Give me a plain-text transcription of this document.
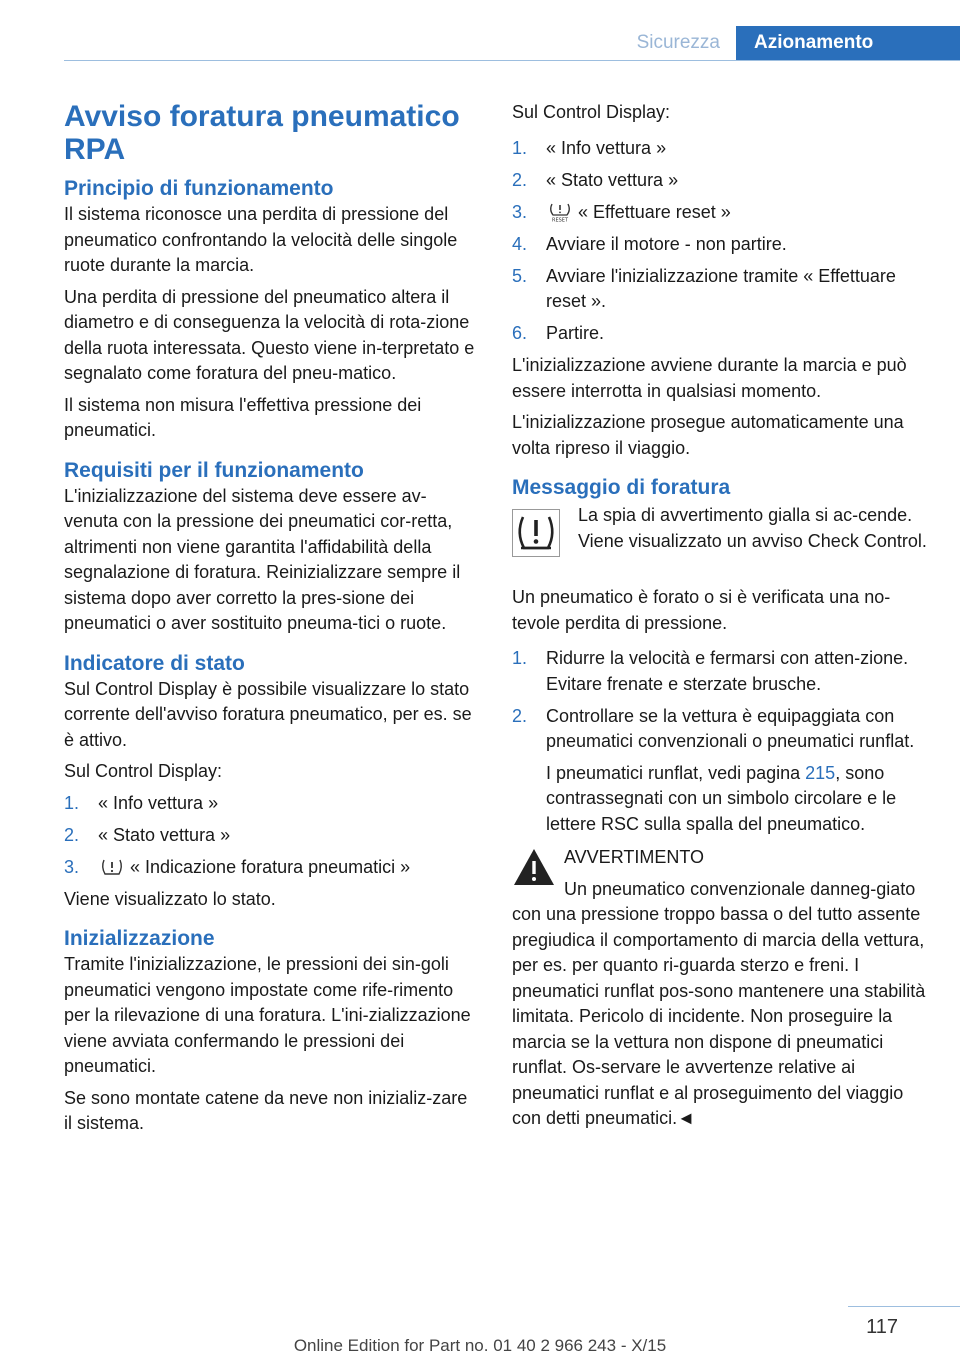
Sicurezza	Azionamento
Avviso foratura pneumatico RPA
Principio di funzionamento

Il sistema riconosce una perdita di pressione del pneumatico confrontando la velocità delle singole ruote durante la marcia.

Una perdita di pressione del pneumatico altera il diametro e di conseguenza la velocità di rota-zione della ruota interessata. Questo viene in-terpretato e segnalato come foratura del pneu-matico.

Il sistema non misura l'effettiva pressione dei pneumatici.

Requisiti per il funzionamento

L'inizializzazione del sistema deve essere av-venuta con la pressione dei pneumatici cor-retta, altrimenti non viene garantita l'affidabilità della segnalazione di foratura. Reinizializzare sempre il sistema dopo aver corretto la pres-sione dei pneumatici o aver sostituito pneuma-tici o ruote.

Indicatore di stato

Sul Control Display è possibile visualizzare lo stato corrente dell'avviso foratura pneumatico, per es. se è attivo.

Sul Control Display:

1. « Info vettura »
2. « Stato vettura »
3.	« Indicazione foratura pneumatici »

Viene visualizzato lo stato.

Inizializzazione

Tramite l'inizializzazione, le pressioni dei sin-goli pneumatici vengono impostate come rife-rimento per la rilevazione di una foratura. L'ini-zializzazione viene avviata confermando le pressioni dei pneumatici.

Se sono montate catene da neve non inizializ-zare il sistema.

Sul Control Display:

1. « Info vettura »
2. « Stato vettura »
3.	RESET « Effettuare reset »
4. Avviare il motore - non partire.
5. Avviare l'inizializzazione tramite « Effettuare reset ».
6. Partire.

L'inizializzazione avviene durante la marcia e può essere interrotta in qualsiasi momento.

L'inizializzazione prosegue automaticamente una volta ripreso il viaggio.

Messaggio di foratura

La spia di avvertimento gialla si ac-cende. Viene visualizzato un avviso Check Control.

Un pneumatico è forato o si è verificata una no-tevole perdita di pressione.

1. Ridurre la velocità e fermarsi con atten-zione. Evitare frenate e sterzate brusche.
2. Controllare se la vettura è equipaggiata con pneumatici convenzionali o pneumatici runflat.
I pneumatici runflat, vedi pagina 215, sono contrassegnati con un simbolo circolare e le lettere RSC sulla spalla del pneumatico.

AVVERTIMENTO

Un pneumatico convenzionale danneg-giato con una pressione troppo bassa o del tutto assente pregiudica il comportamento di marcia della vettura, per es. per quanto ri-guarda sterzo e freni. I pneumatici runflat pos-sono mantenere una stabilità limitata. Pericolo di incidente. Non proseguire la marcia se la vettura non dispone di pneumatici runflat. Os-servare le avvertenze relative ai pneumatici runflat e al proseguimento del viaggio con detti pneumatici.◄

117
Online Edition for Part no. 01 40 2 966 243 - X/15
